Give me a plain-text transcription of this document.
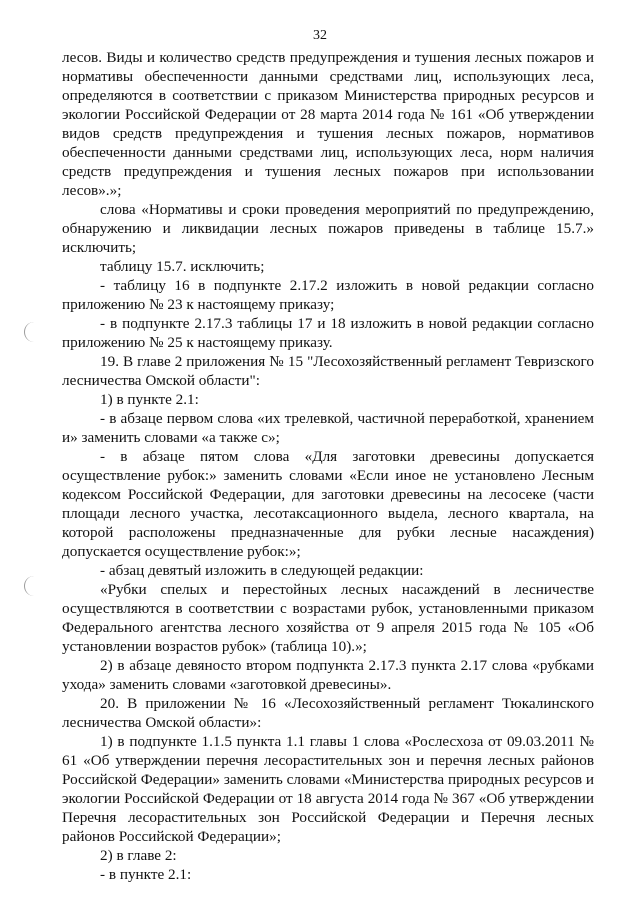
32

лесов. Виды и количество средств предупреждения и тушения лесных пожаров и нормативы обеспеченности данными средствами лиц, использующих леса, определяются в соответствии с приказом Министерства природных ресурсов и экологии Российской Федерации от 28 марта 2014 года № 161 «Об утверждении видов средств предупреждения и тушения лесных пожаров, нормативов обеспеченности данными средствами лиц, использующих леса, норм наличия средств предупреждения и тушения лесных пожаров при использовании лесов».»;

слова «Нормативы и сроки проведения мероприятий по предупреждению, обнаружению и ликвидации лесных пожаров приведены в таблице 15.7.» исключить;

таблицу 15.7. исключить;

- таблицу 16 в подпункте 2.17.2 изложить в новой редакции согласно приложению № 23 к настоящему приказу;

- в подпункте 2.17.3 таблицы 17 и 18 изложить в новой редакции согласно приложению № 25 к настоящему приказу.

19. В главе 2 приложения № 15 "Лесохозяйственный регламент Тевризского лесничества Омской области":

1) в пункте 2.1:

- в абзаце первом слова «их трелевкой, частичной переработкой, хранением и» заменить словами «а также с»;

- в абзаце пятом слова «Для заготовки древесины допускается осуществление рубок:» заменить словами «Если иное не установлено Лесным кодексом Российской Федерации, для заготовки древесины на лесосеке (части площади лесного участка, лесотаксационного выдела, лесного квартала, на которой расположены предназначенные для рубки лесные насаждения) допускается осуществление рубок:»;

- абзац девятый изложить в следующей редакции:

«Рубки спелых и перестойных лесных насаждений в лесничестве осуществляются в соответствии с возрастами рубок, установленными приказом Федерального агентства лесного хозяйства от 9 апреля 2015 года № 105 «Об установлении возрастов рубок» (таблица 10).»;

2) в абзаце девяносто втором подпункта 2.17.3 пункта 2.17 слова «рубками ухода» заменить словами «заготовкой древесины».

20. В приложении № 16 «Лесохозяйственный регламент Тюкалинского лесничества Омской области»:

1) в подпункте 1.1.5 пункта 1.1 главы 1 слова «Рослесхоза от 09.03.2011 № 61 «Об утверждении перечня лесорастительных зон и перечня лесных районов Российской Федерации» заменить словами «Министерства природных ресурсов и экологии Российской Федерации от 18 августа 2014 года № 367 «Об утверждении Перечня лесорастительных зон Российской Федерации и Перечня лесных районов Российской Федерации»;

2) в главе 2:

- в пункте 2.1:
